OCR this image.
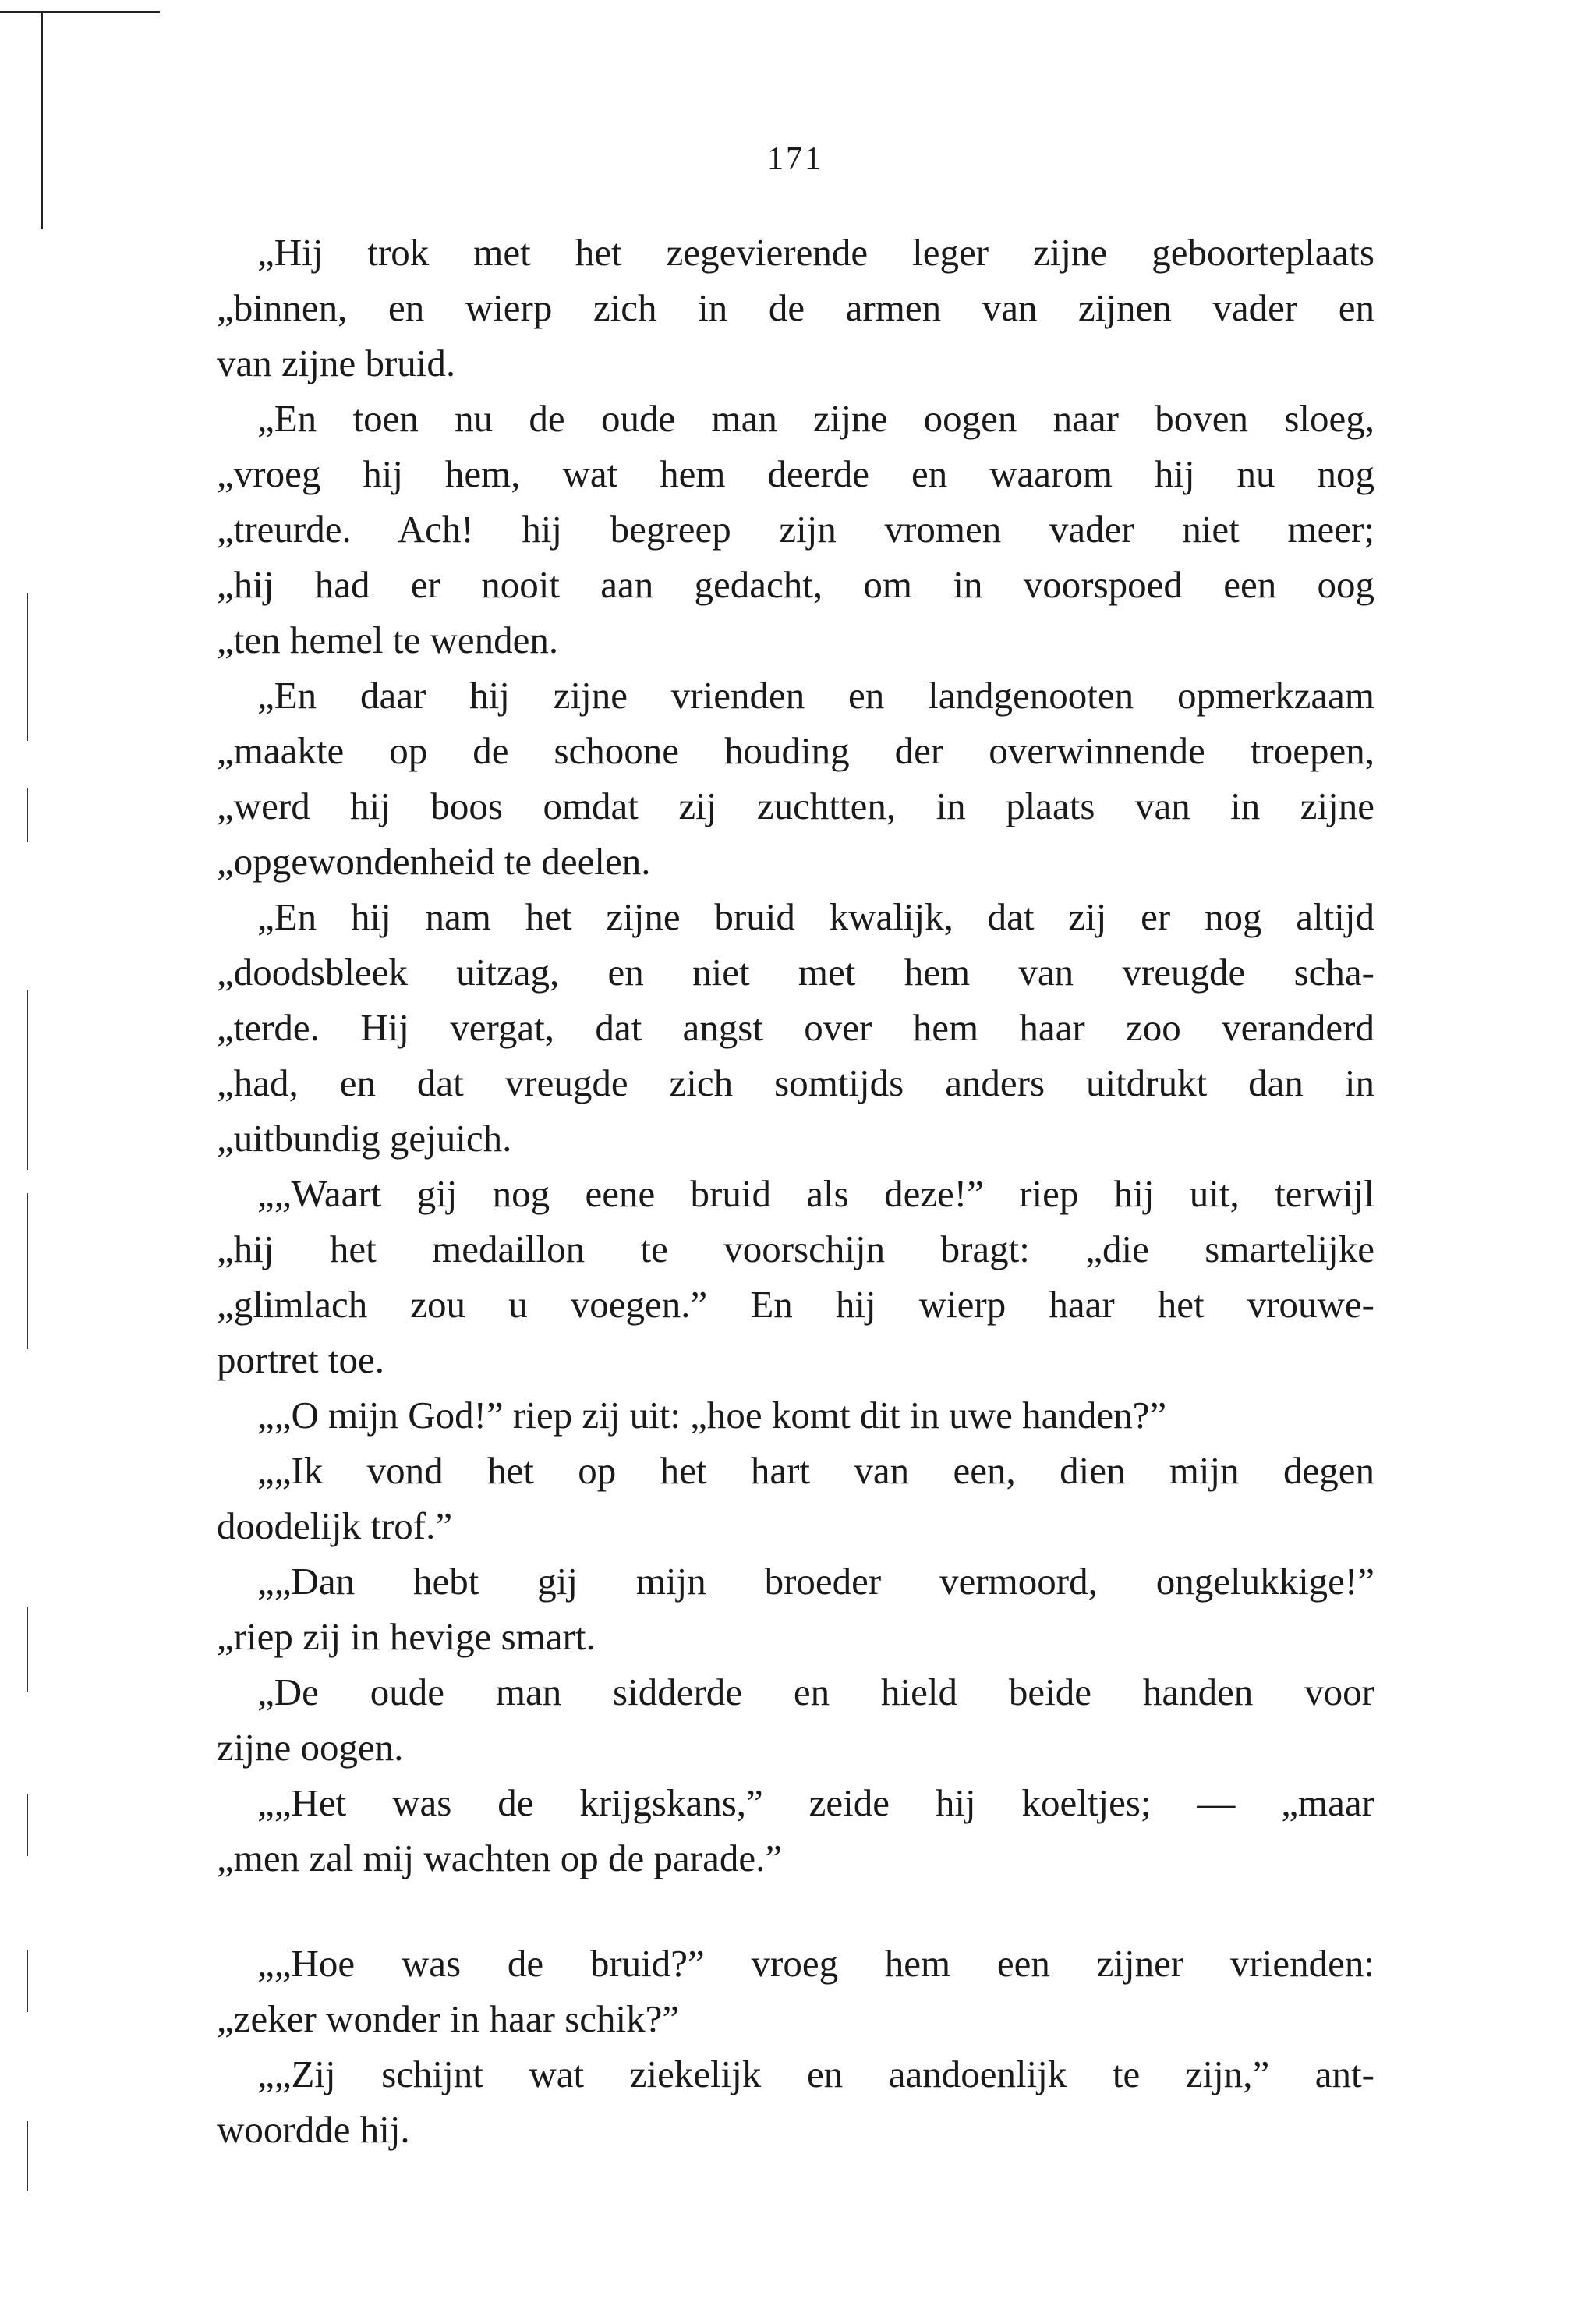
171
„Hij trok met het zegevierende leger zijne geboorteplaats
„binnen, en wierp zich in de armen van zijnen vader en
van zijne bruid.
„En toen nu de oude man zijne oogen naar boven sloeg,
„vroeg hij hem, wat hem deerde en waarom hij nu nog
„treurde. Ach! hij begreep zijn vromen vader niet meer;
„hij had er nooit aan gedacht, om in voorspoed een oog
„ten hemel te wenden.
„En daar hij zijne vrienden en landgenooten opmerkzaam
„maakte op de schoone houding der overwinnende troepen,
„werd hij boos omdat zij zuchtten, in plaats van in zijne
„opgewondenheid te deelen.
„En hij nam het zijne bruid kwalijk, dat zij er nog altijd
„doodsbleek uitzag, en niet met hem van vreugde scha-
„terde. Hij vergat, dat angst over hem haar zoo veranderd
„had, en dat vreugde zich somtijds anders uitdrukt dan in
„uitbundig gejuich.
„„Waart gij nog eene bruid als deze!” riep hij uit, terwijl
„hij het medaillon te voorschijn bragt: „die smartelijke
„glimlach zou u voegen.” En hij wierp haar het vrouwe-
portret toe.
„„O mijn God!” riep zij uit: „hoe komt dit in uwe handen?”
„„Ik vond het op het hart van een, dien mijn degen
doodelijk trof.”
„„Dan hebt gij mijn broeder vermoord, ongelukkige!”
„riep zij in hevige smart.
„De oude man sidderde en hield beide handen voor
zijne oogen.
„„Het was de krijgskans,” zeide hij koeltjes; — „maar
„men zal mij wachten op de parade.”
„„Hoe was de bruid?” vroeg hem een zijner vrienden:
„zeker wonder in haar schik?”
„„Zij schijnt wat ziekelijk en aandoenlijk te zijn,” ant-
woordde hij.
